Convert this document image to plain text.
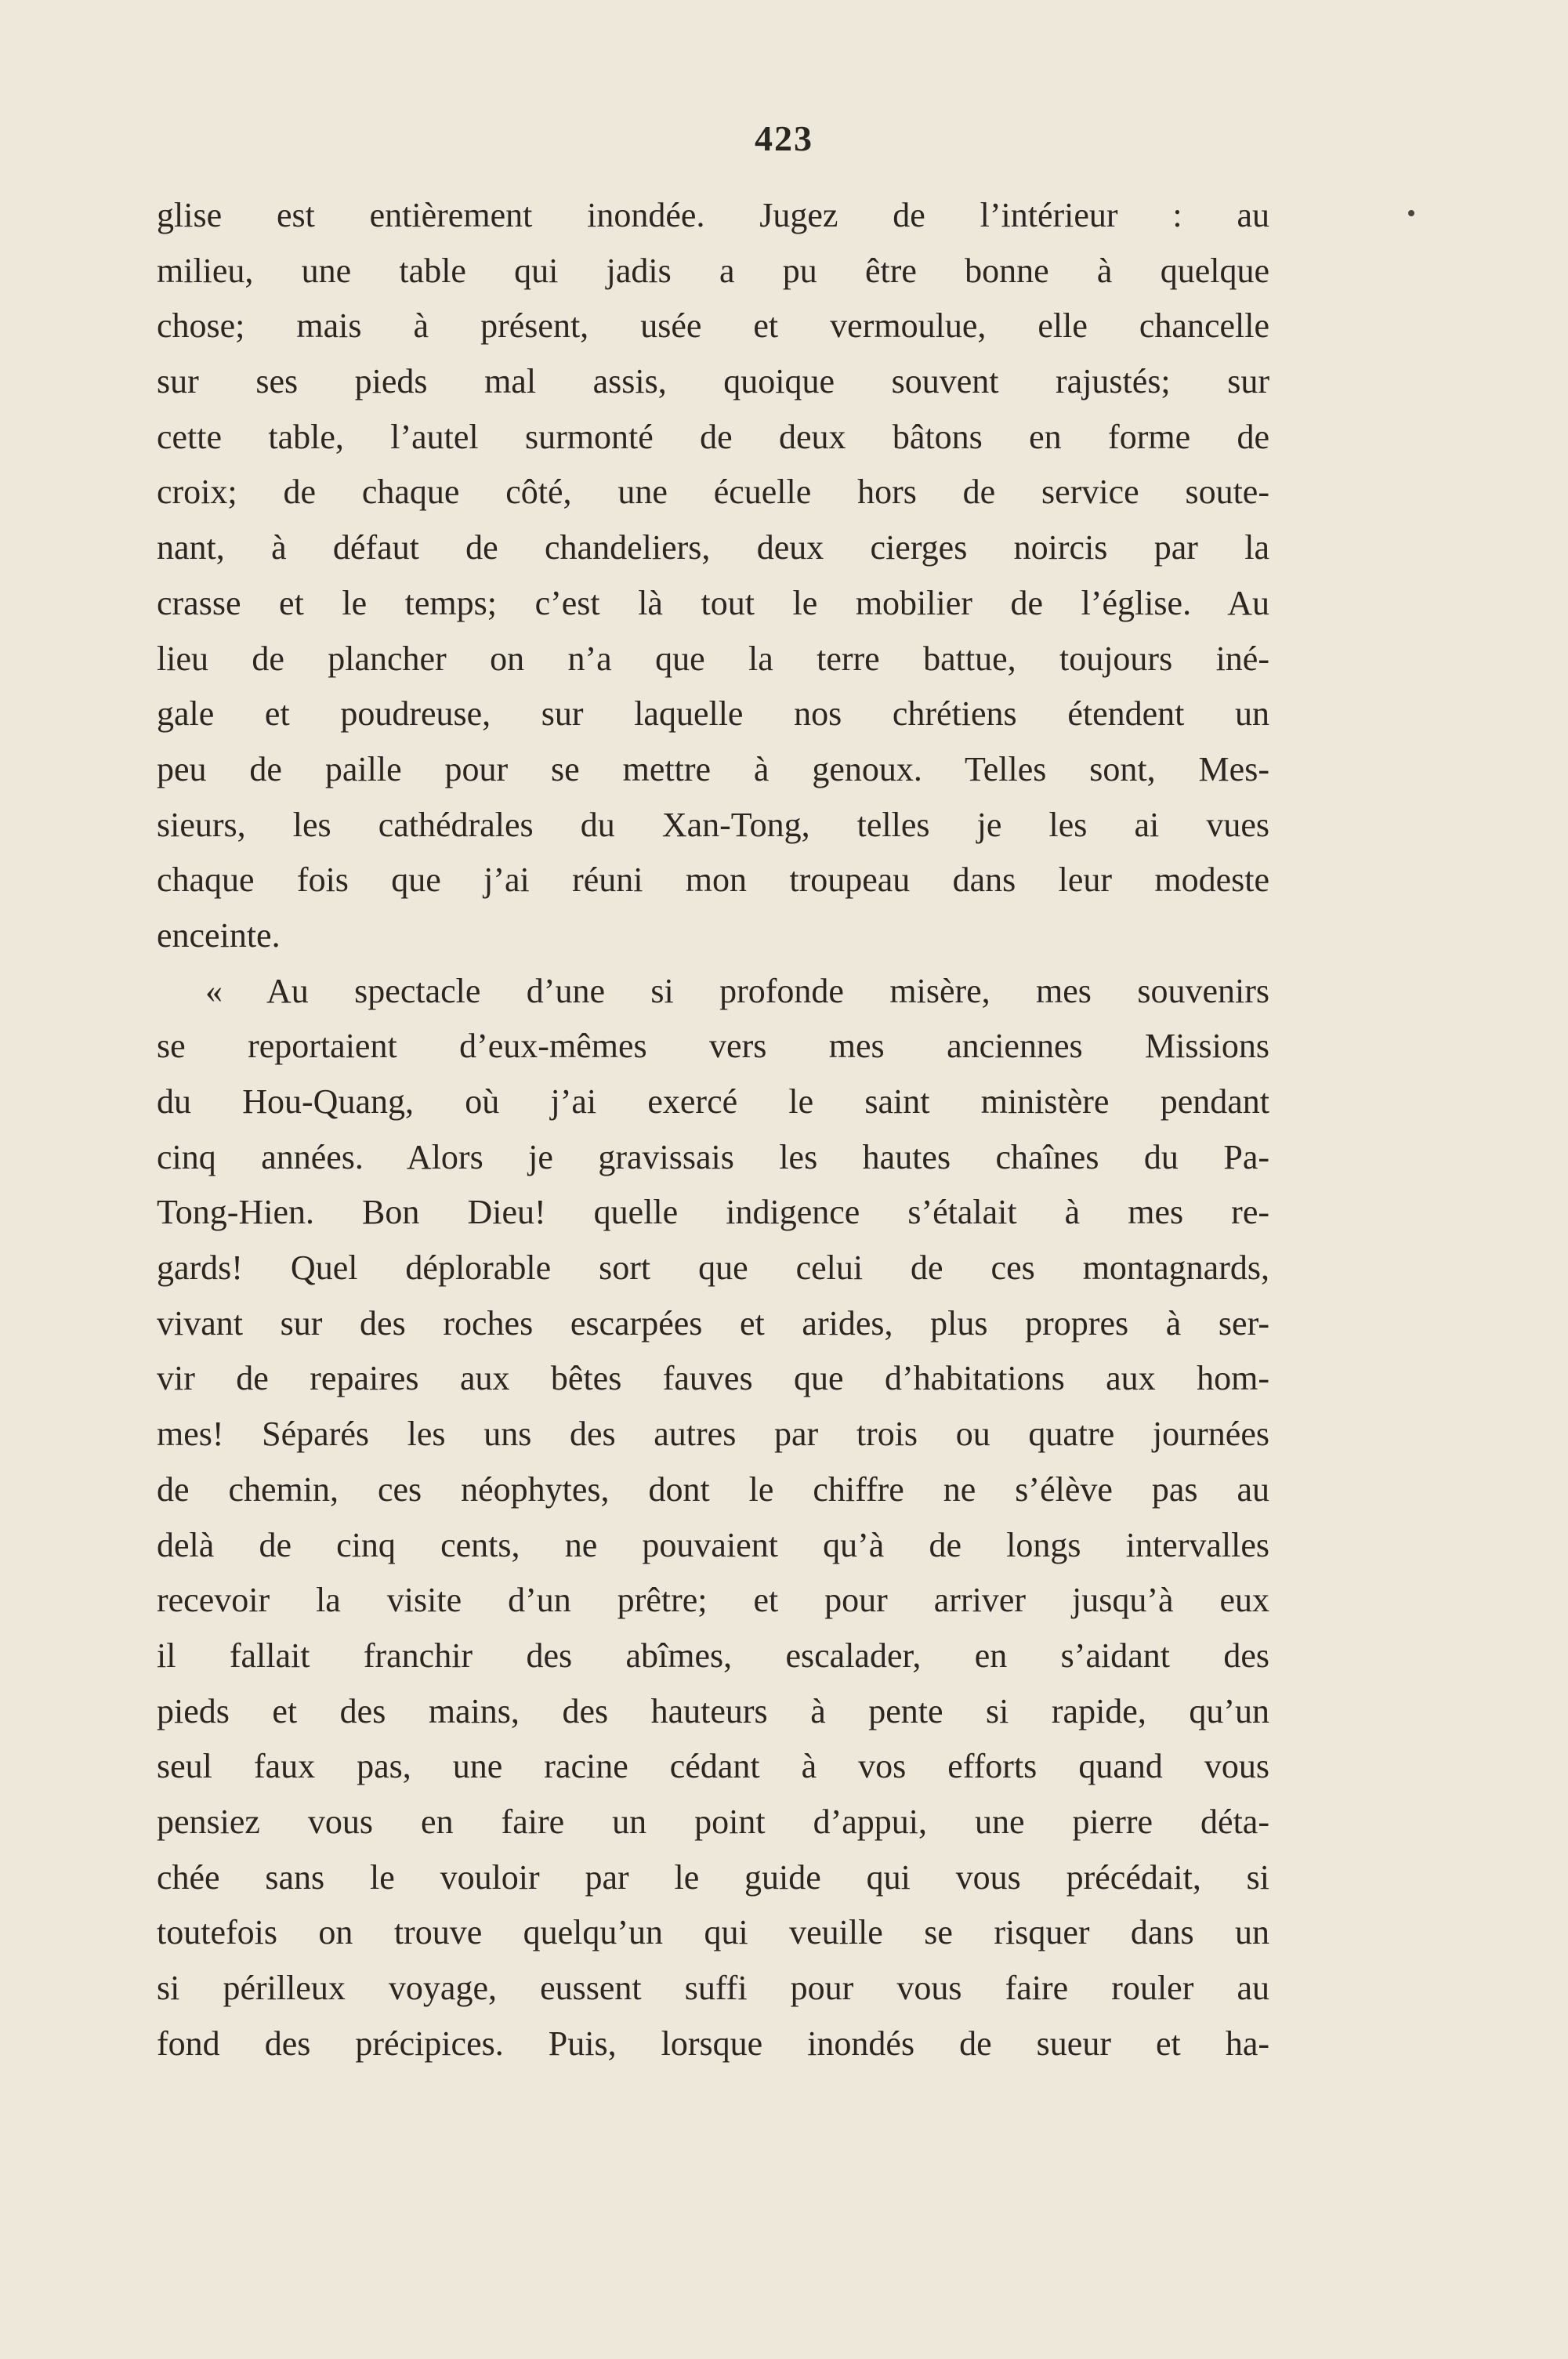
423
glise est entièrement inondée. Jugez de l’intérieur : au
milieu, une table qui jadis a pu être bonne à quelque
chose; mais à présent, usée et vermoulue, elle chancelle
sur ses pieds mal assis, quoique souvent rajustés; sur
cette table, l’autel surmonté de deux bâtons en forme de
croix; de chaque côté, une écuelle hors de service soute-
nant, à défaut de chandeliers, deux cierges noircis par la
crasse et le temps; c’est là tout le mobilier de l’église. Au
lieu de plancher on n’a que la terre battue, toujours iné-
gale et poudreuse, sur laquelle nos chrétiens étendent un
peu de paille pour se mettre à genoux. Telles sont, Mes-
sieurs, les cathédrales du Xan-Tong, telles je les ai vues
chaque fois que j’ai réuni mon troupeau dans leur modeste
enceinte.
« Au spectacle d’une si profonde misère, mes souvenirs
se reportaient d’eux-mêmes vers mes anciennes Missions
du Hou-Quang, où j’ai exercé le saint ministère pendant
cinq années. Alors je gravissais les hautes chaînes du Pa-
Tong-Hien. Bon Dieu! quelle indigence s’étalait à mes re-
gards! Quel déplorable sort que celui de ces montagnards,
vivant sur des roches escarpées et arides, plus propres à ser-
vir de repaires aux bêtes fauves que d’habitations aux hom-
mes! Séparés les uns des autres par trois ou quatre journées
de chemin, ces néophytes, dont le chiffre ne s’élève pas au
delà de cinq cents, ne pouvaient qu’à de longs intervalles
recevoir la visite d’un prêtre; et pour arriver jusqu’à eux
il fallait franchir des abîmes, escalader, en s’aidant des
pieds et des mains, des hauteurs à pente si rapide, qu’un
seul faux pas, une racine cédant à vos efforts quand vous
pensiez vous en faire un point d’appui, une pierre déta-
chée sans le vouloir par le guide qui vous précédait, si
toutefois on trouve quelqu’un qui veuille se risquer dans un
si périlleux voyage, eussent suffi pour vous faire rouler au
fond des précipices. Puis, lorsque inondés de sueur et ha-
